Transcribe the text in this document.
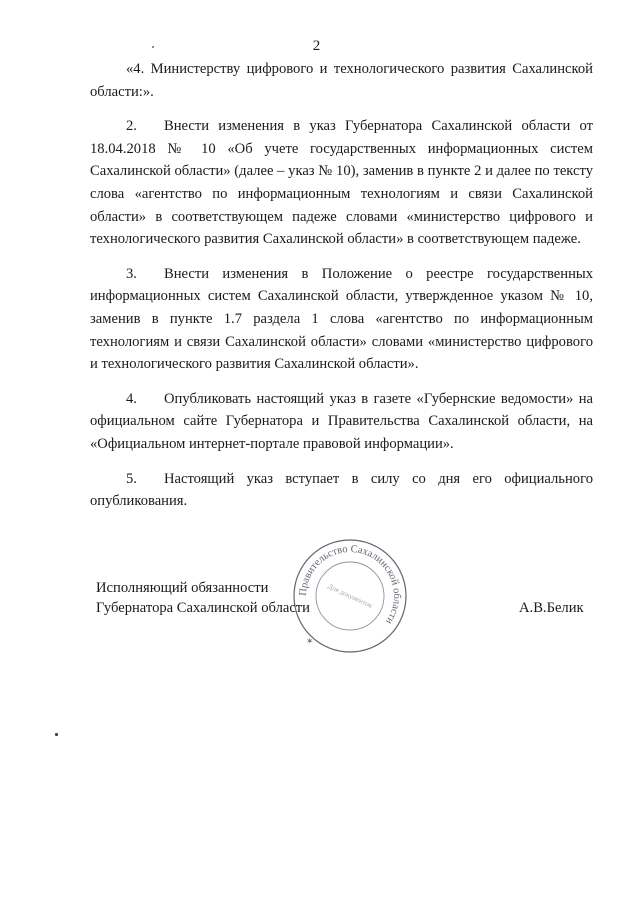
2

«4. Министерству цифрового и технологического развития Сахалинской области:».

2. Внести изменения в указ Губернатора Сахалинской области от 18.04.2018 № 10 «Об учете государственных информационных систем Сахалинской области» (далее – указ № 10), заменив в пункте 2 и далее по тексту слова «агентство по информационным технологиям и связи Сахалинской области» в соответствующем падеже словами «министерство цифрового и технологического развития Сахалинской области» в соответствующем падеже.

3. Внести изменения в Положение о реестре государственных информационных систем Сахалинской области, утвержденное указом № 10, заменив в пункте 1.7 раздела 1 слова «агентство по информационным технологиям и связи Сахалинской области» словами «министерство цифрового и технологического развития Сахалинской области».

4. Опубликовать настоящий указ в газете «Губернские ведомости» на официальном сайте Губернатора и Правительства Сахалинской области, на «Официальном интернет-портале правовой информации».

5. Настоящий указ вступает в силу со дня его официального опубликования.

Правительство Сахалинской области
Для документов
✶
Исполняющий обязанности
Губернатора Сахалинской области	А.В.Белик
